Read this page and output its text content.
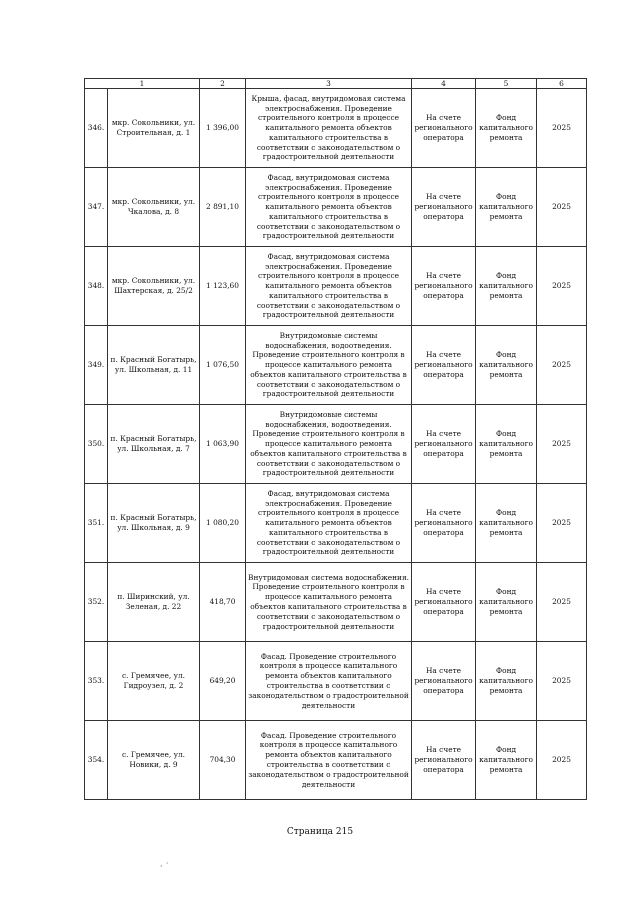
1		2	3	4	5	6
346.	мкр. Сокольники, ул. Строительная, д. 1	1 396,00	Крыша, фасад, внутридомовая система электроснабжения. Проведение строительного контроля в процессе капитального ремонта объектов капитального строительства в соответствии с законодательством о градостроительной деятельности	На счете регионального оператора	Фонд капитального ремонта	2025
347.	мкр. Сокольники, ул. Чкалова, д. 8	2 891,10	Фасад, внутридомовая система электроснабжения. Проведение строительного контроля в процессе капитального ремонта объектов капитального строительства в соответствии с законодательством о градостроительной деятельности	На счете регионального оператора	Фонд капитального ремонта	2025
348.	мкр. Сокольники, ул. Шахтерская, д. 25/2	1 123,60	Фасад, внутридомовая система электроснабжения. Проведение строительного контроля в процессе капитального ремонта объектов капитального строительства в соответствии с законодательством о градостроительной деятельности	На счете регионального оператора	Фонд капитального ремонта	2025
349.	п. Красный Богатырь, ул. Школьная, д. 11	1 076,50	Внутридомовые системы водоснабжения, водоотведения. Проведение строительного контроля в процессе капитального ремонта объектов капитального строительства в соответствии с законодательством о градостроительной деятельности	На счете регионального оператора	Фонд капитального ремонта	2025
350.	п. Красный Богатырь, ул. Школьная, д. 7	1 063,90	Внутридомовые системы водоснабжения, водоотведения. Проведение строительного контроля в процессе капитального ремонта объектов капитального строительства в соответствии с законодательством о градостроительной деятельности	На счете регионального оператора	Фонд капитального ремонта	2025
351.	п. Красный Богатырь, ул. Школьная, д. 9	1 080,20	Фасад, внутридомовая система электроснабжения. Проведение строительного контроля в процессе капитального ремонта объектов капитального строительства в соответствии с законодательством о градостроительной деятельности	На счете регионального оператора	Фонд капитального ремонта	2025
352.	п. Ширинский, ул. Зеленая, д. 22	418,70	Внутридомовая система водоснабжения. Проведение строительного контроля в процессе капитального ремонта объектов капитального строительства в соответствии с законодательством о градостроительной деятельности	На счете регионального оператора	Фонд капитального ремонта	2025
353.	с. Гремячее, ул. Гидроузел, д. 2	649,20	Фасад. Проведение строительного контроля в процессе капитального ремонта объектов капитального строительства в соответствии с законодательством о градостроительной деятельности	На счете регионального оператора	Фонд капитального ремонта	2025
354.	с. Гремячее, ул. Новики, д. 9	704,30	Фасад. Проведение строительного контроля в процессе капитального ремонта объектов капитального строительства в соответствии с законодательством о градостроительной деятельности	На счете регионального оператора	Фонд капитального ремонта	2025
Страница 215
· ˙
